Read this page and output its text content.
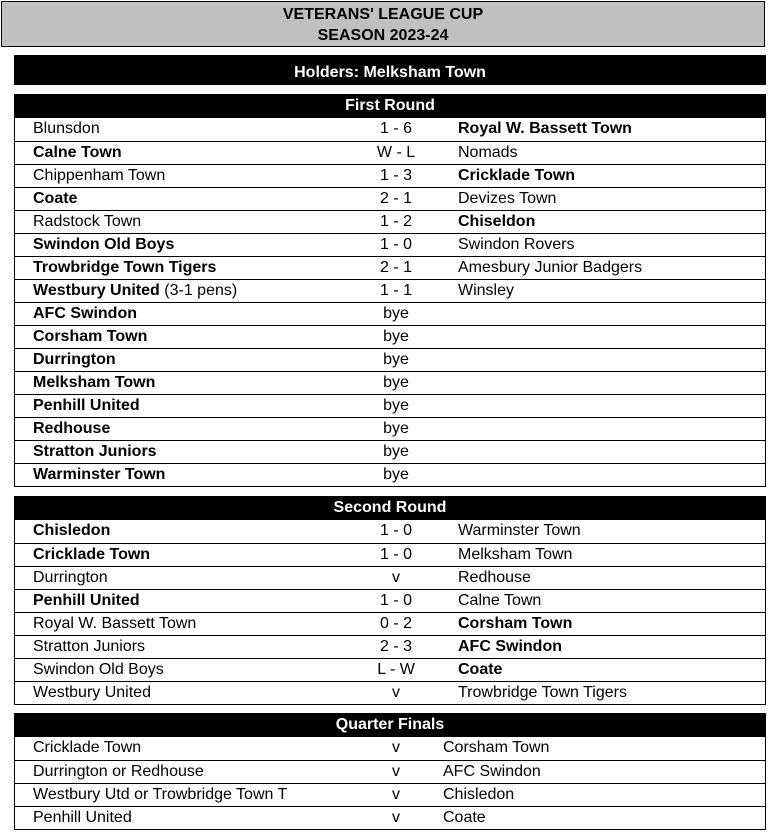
VETERANS' LEAGUE CUP
SEASON 2023-24
Holders: Melksham Town
First Round
Blunsdon	1 - 6	Royal W. Bassett Town
Calne Town	W - L	Nomads
Chippenham Town	1 - 3	Cricklade Town
Coate	2 - 1	Devizes Town
Radstock Town	1 - 2	Chiseldon
Swindon Old Boys	1 - 0	Swindon Rovers
Trowbridge Town Tigers	2 - 1	Amesbury Junior Badgers
Westbury United (3-1 pens)	1 - 1	Winsley
AFC Swindon	bye
Corsham Town	bye
Durrington	bye
Melksham Town	bye
Penhill United	bye
Redhouse	bye
Stratton Juniors	bye
Warminster Town	bye
Second Round
Chisledon	1 - 0	Warminster Town
Cricklade Town	1 - 0	Melksham Town
Durrington	v	Redhouse
Penhill United	1 - 0	Calne Town
Royal W. Bassett Town	0 - 2	Corsham Town
Stratton Juniors	2 - 3	AFC Swindon
Swindon Old Boys	L - W	Coate
Westbury United	v	Trowbridge Town Tigers
Quarter Finals
Cricklade Town	v	Corsham Town
Durrington or Redhouse	v	AFC Swindon
Westbury Utd or Trowbridge Town T	v	Chisledon
Penhill United	v	Coate
